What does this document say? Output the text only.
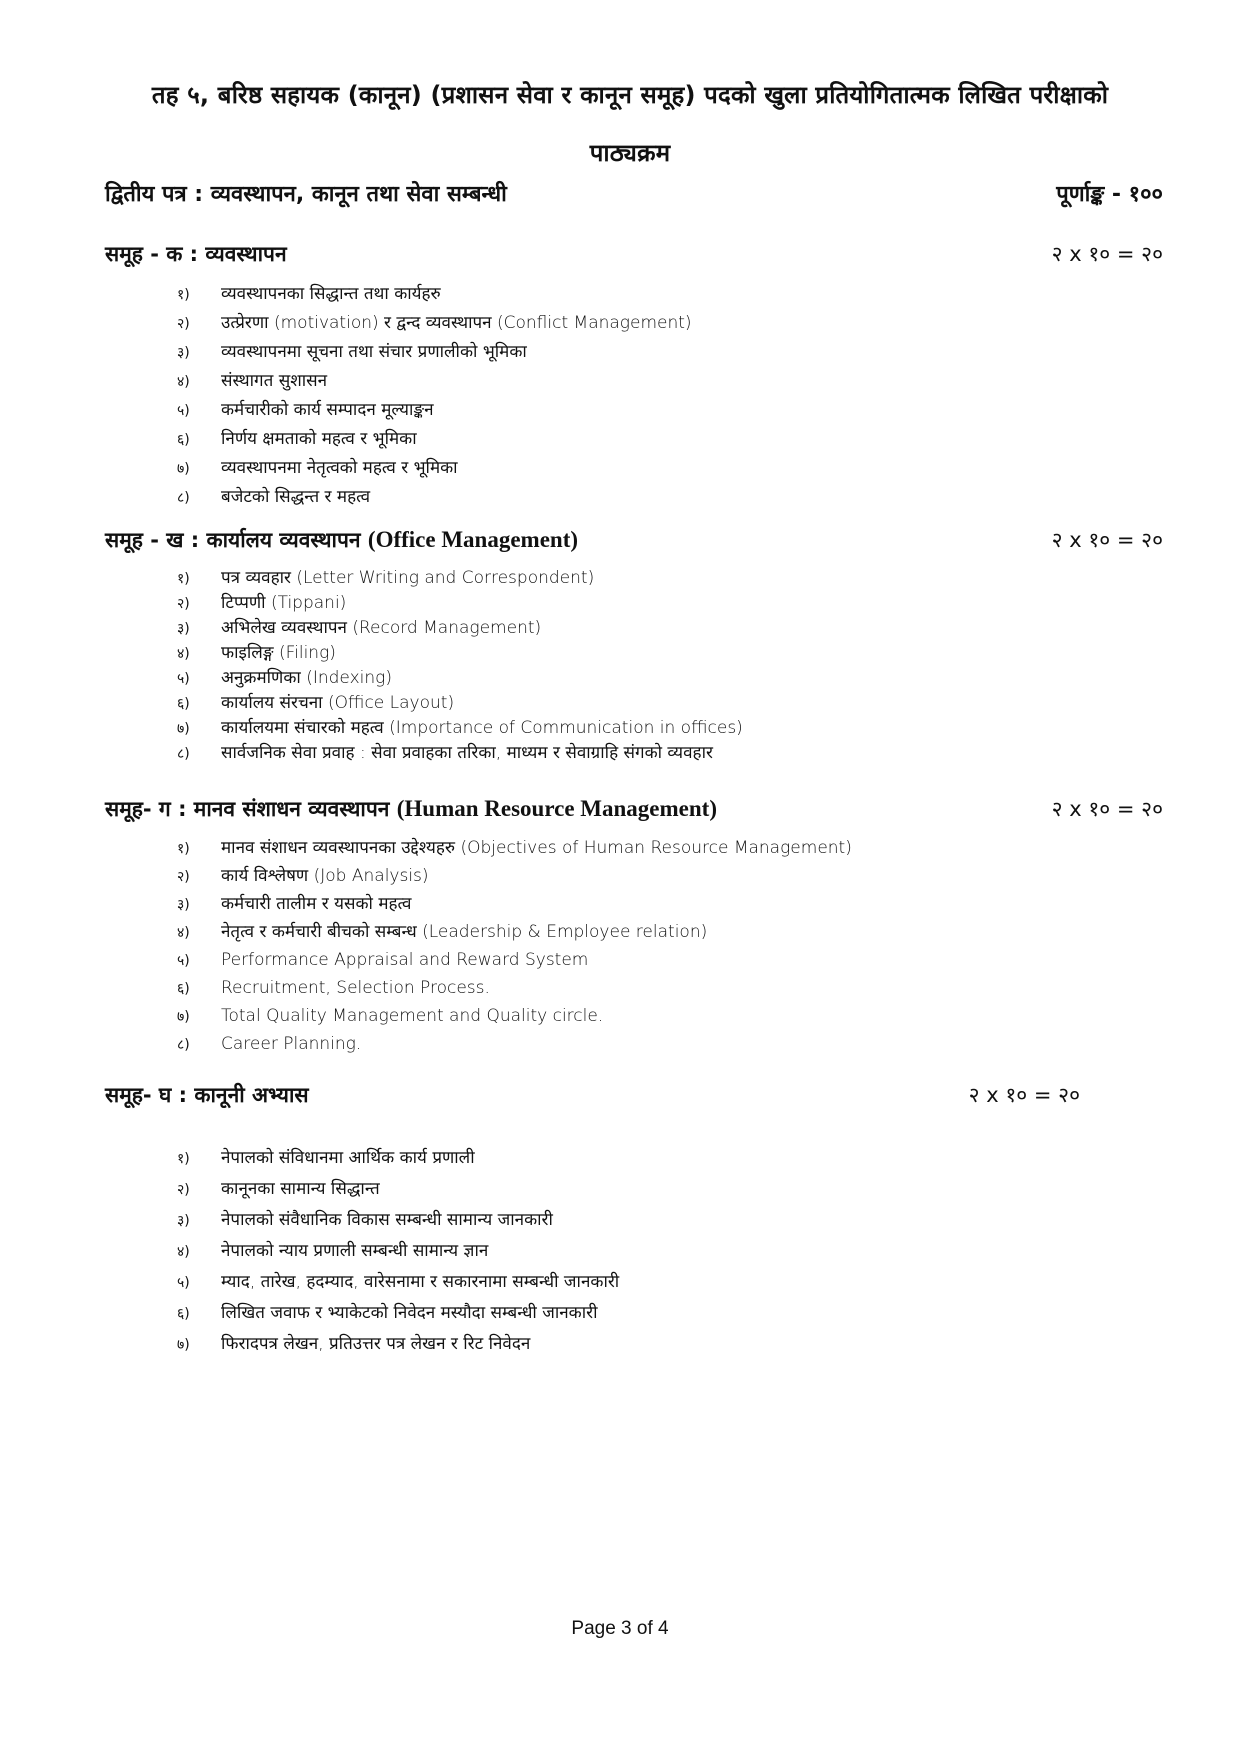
तह ५, बरिष्ठ सहायक (कानून) (प्रशासन सेवा र कानून समूह) पदको खुला प्रतियोगितात्मक लिखित परीक्षाको
पाठ्यक्रम
द्वितीय पत्र : व्यवस्थापन, कानून तथा सेवा सम्बन्धी	पूर्णाङ्क - १००
समूह - क : व्यवस्थापन	२ x १० = २०
१)	व्यवस्थापनका सिद्धान्त तथा कार्यहरु
२)	उत्प्रेरणा (motivation) र द्वन्द व्यवस्थापन (Conflict Management)
३)	व्यवस्थापनमा सूचना तथा संचार प्रणालीको भूमिका
४)	संस्थागत सुशासन
५)	कर्मचारीको कार्य सम्पादन मूल्याङ्कन
६)	निर्णय क्षमताको महत्व र भूमिका
७)	व्यवस्थापनमा नेतृत्वको महत्व र भूमिका
८)	बजेटको सिद्धन्त र महत्व
समूह - ख : कार्यालय व्यवस्थापन (Office Management)	२ x १० = २०
१)	पत्र व्यवहार (Letter Writing and Correspondent)
२)	टिप्पणी (Tippani)
३)	अभिलेख व्यवस्थापन (Record Management)
४)	फाइलिङ्ग (Filing)
५)	अनुक्रमणिका (Indexing)
६)	कार्यालय संरचना (Office Layout)
७)	कार्यालयमा संचारको महत्व (Importance of Communication in offices)
८)	सार्वजनिक सेवा प्रवाह : सेवा प्रवाहका तरिका, माध्यम र सेवाग्राहि संगको व्यवहार
समूह- ग : मानव संशाधन व्यवस्थापन (Human Resource Management)	२ x १० = २०
१)	मानव संशाधन व्यवस्थापनका उद्देश्यहरु (Objectives of Human Resource Management)
२)	कार्य विश्लेषण (Job Analysis)
३)	कर्मचारी तालीम र यसको महत्व
४)	नेतृत्व र कर्मचारी बीचको सम्बन्ध (Leadership & Employee relation)
५)	Performance Appraisal and Reward System
६)	Recruitment, Selection Process.
७)	Total Quality Management and Quality circle.
८)	Career Planning.
समूह- घ : कानूनी अभ्यास	२ x १० = २०
१)	नेपालको संविधानमा आर्थिक कार्य प्रणाली
२)	कानूनका सामान्य सिद्धान्त
३)	नेपालको संवैधानिक विकास सम्बन्धी सामान्य जानकारी
४)	नेपालको न्याय प्रणाली सम्बन्धी सामान्य ज्ञान
५)	म्याद, तारेख, हदम्याद, वारेसनामा र सकारनामा सम्बन्धी जानकारी
६)	लिखित जवाफ र भ्याकेटको निवेदन मस्यौदा सम्बन्धी जानकारी
७)	फिरादपत्र लेखन, प्रतिउत्तर पत्र लेखन र रिट निवेदन
Page 3 of 4
